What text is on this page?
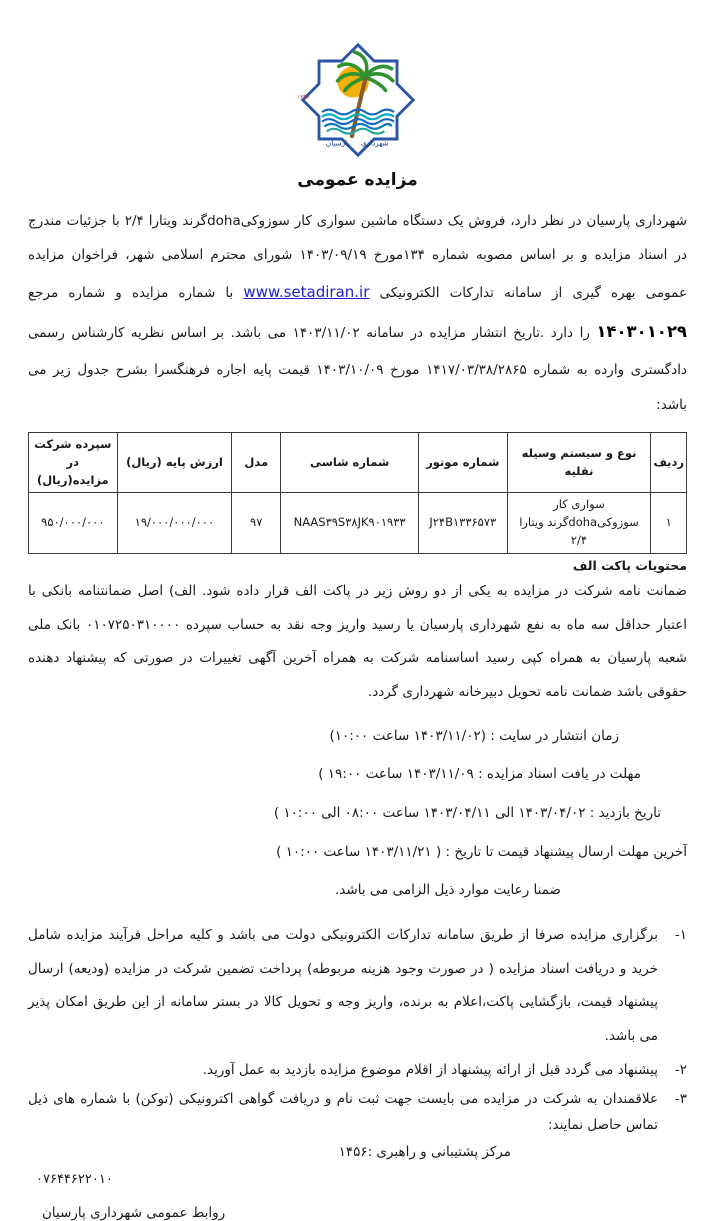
۱۳۴۴
شهرداری
پارسیان
مزایده عمومی

شهرداری پارسیان در نظر دارد، فروش یک دستگاه ماشین سواری کار سوزوکیdohaگرند ویتارا ۲/۴ با جزئیات مندرج در اسناد مزایده و بر اساس مصوبه شماره ۱۳۴مورخ ۱۴۰۳/۰۹/۱۹ شورای محترم اسلامی شهر، فراخوان مزایده عمومی بهره گیری از سامانه تدارکات الکترونیکی www.setadiran.ir با شماره مزایده و شماره مرجع ۱۴۰۳۰۱۰۲۹ را دارد .تاریخ انتشار مزایده در سامانه ۱۴۰۳/۱۱/۰۲ می باشد. بر اساس نظریه کارشناس رسمی دادگستری وارده به شماره ۱۴۱۷/۰۳/۳۸/۲۸۶۵ مورخ ۱۴۰۳/۱۰/۰۹ قیمت پایه اجاره فرهنگسرا بشرح جدول زیر می باشد:

ردیف	نوع و سیستم وسیله نقلیه	شماره موتور	شماره شاسی	مدل	ارزش پایه (ریال)	سپرده شرکت در مزایده(ریال)
۱	سواری کار سوزوکیdohaگرند ویتارا ۲/۴	J۲۴B۱۳۳۶۵۷۳	NAAS۳۹S۳۸JK۹۰۱۹۳۳	۹۷	۱۹/۰۰۰/۰۰۰/۰۰۰	۹۵۰/۰۰۰/۰۰۰
محتویات پاکت الف

ضمانت نامه شرکت در مزایده به یکی از دو روش زیر در پاکت الف قرار داده شود. الف) اصل ضمانتنامه بانکی با اعتبار حداقل سه ماه به نفع شهرداری پارسیان یا رسید واریز وجه نقد به حساب سپرده ۰۱۰۷۲۵۰۳۱۰۰۰۰ بانک ملی شعبه پارسیان به همراه کپی رسید اساسنامه شرکت به همراه آخرین آگهی تغییرات در صورتی که پیشنهاد دهنده حقوقی باشد ضمانت نامه تحویل دبیرخانه شهرداری گردد.

زمان انتشار در سایت : (۱۴۰۳/۱۱/۰۲ ساعت ۱۰:۰۰)
مهلت در یافت اسناد مزایده : ۱۴۰۳/۱۱/۰۹ ساعت ۱۹:۰۰ )
تاریخ بازدید : ۱۴۰۳/۰۴/۰۲ الی ۱۴۰۳/۰۴/۱۱ ساعت ۰۸:۰۰ الی ۱۰:۰۰ )
آخرین مهلت ارسال پیشنهاد قیمت تا تاریخ : ( ۱۴۰۳/۱۱/۲۱ ساعت ۱۰:۰۰ )
ضمنا رعایت موارد ذیل الزامی می باشد.
۱-
برگزاری مزایده صرفا از طریق سامانه تدارکات الکترونیکی دولت می باشد و کلیه مراحل فرآیند مزایده شامل خرید و دریافت اسناد مزایده ( در صورت وجود هزینه مربوطه) پرداخت تضمین شرکت در مزایده (ودیعه) ارسال پیشنهاد قیمت، بازگشایی پاکت،اعلام به برنده، واریز وجه و تحویل کالا در بستر سامانه از این طریق امکان پذیر می باشد.
۲-
پیشنهاد می گردد قبل از ارائه پیشنهاد از اقلام موضوع مزایده بازدید به عمل آورید.
۳-
علاقمندان به شرکت در مزایده می بایست جهت ثبت نام و دریافت گواهی اکترونیکی (توکن) با شماره های ذیل تماس حاصل نمایند:
مرکز پشتیبانی و راهبری :۱۴۵۶
۰۷۶۴۴۶۲۲۰۱۰
روابط عمومی شهرداری پارسیان
